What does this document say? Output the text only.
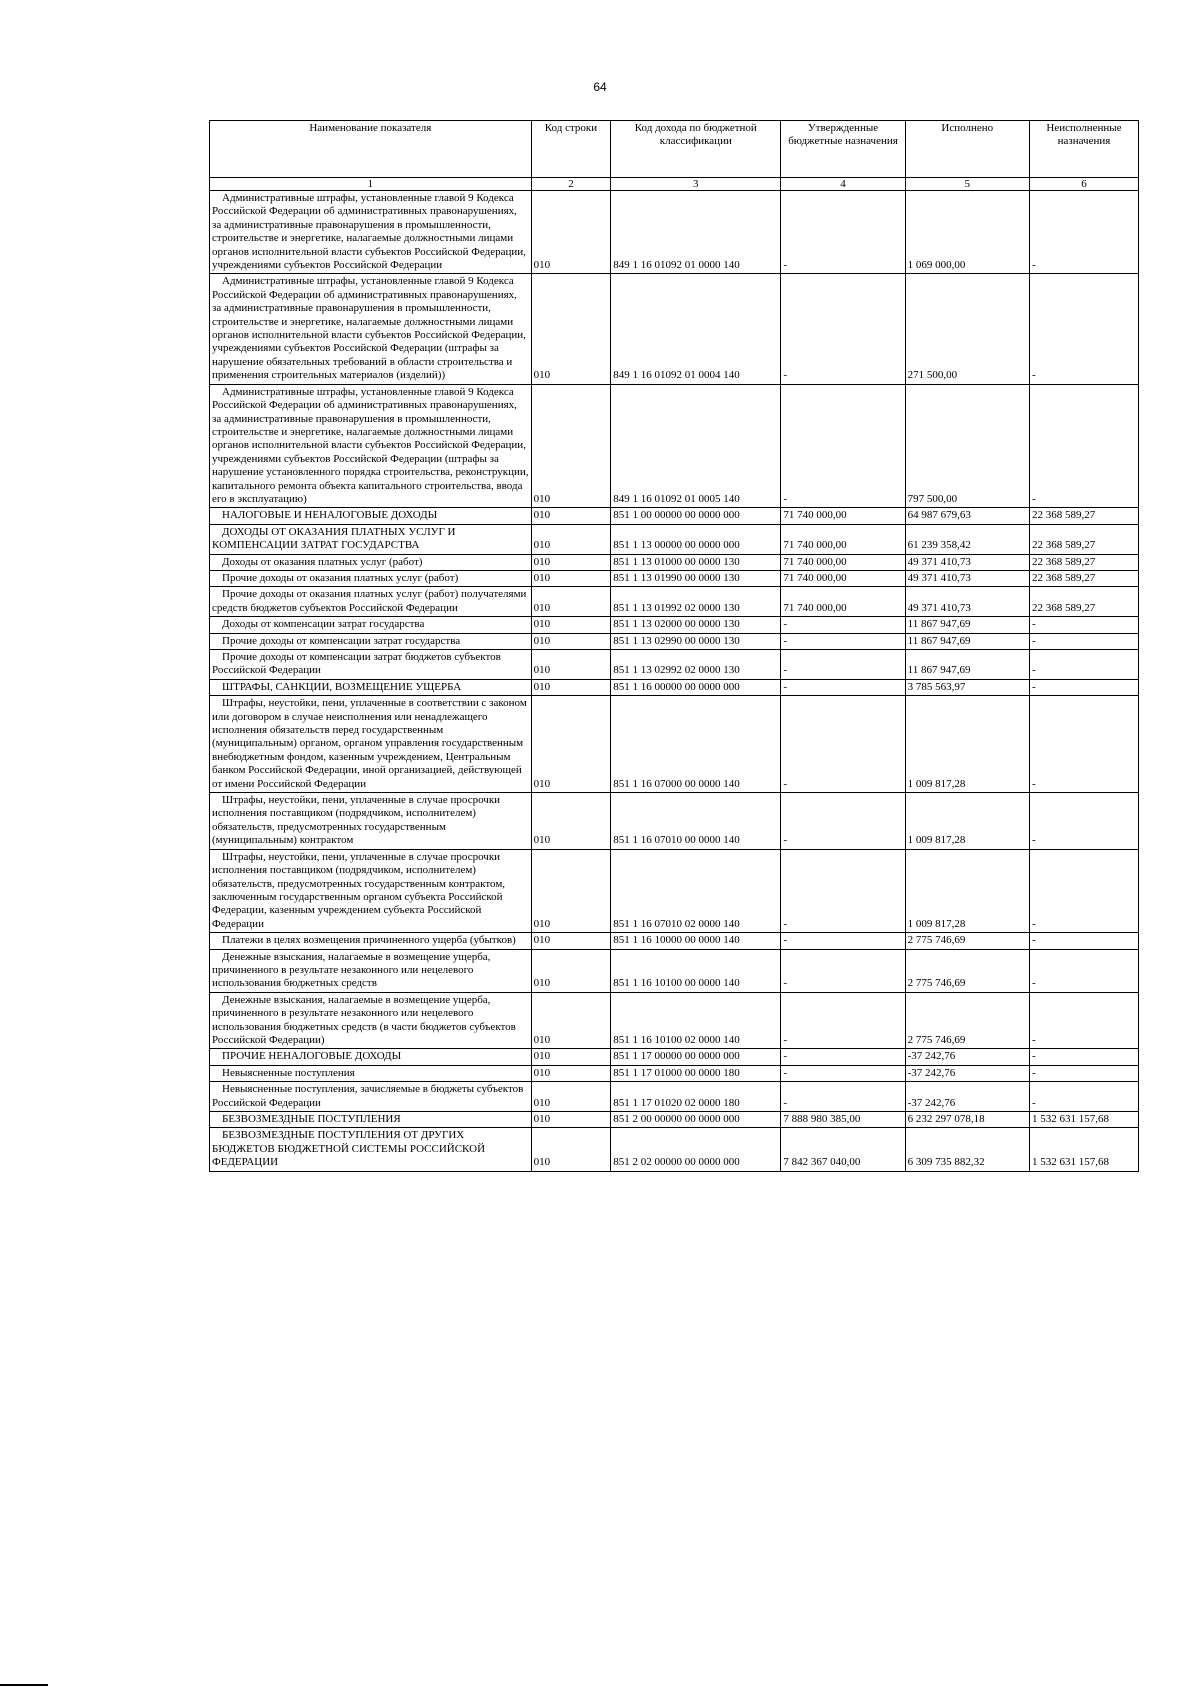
64
Наименование показателя	Код строки	Код дохода по бюджетной классификации	Утвержденные бюджетные назначения	Исполнено	Неисполненные назначения
1	2	3	4	5	6
Административные штрафы, установленные главой 9 Кодекса Российской Федерации об административных правонарушениях, за административные правонарушения в промышленности, строительстве и энергетике, налагаемые должностными лицами органов исполнительной власти субъектов Российской Федерации, учреждениями субъектов Российской Федерации	010	849 1 16 01092 01 0000 140	-	1 069 000,00	-
Административные штрафы, установленные главой 9 Кодекса Российской Федерации об административных правонарушениях, за административные правонарушения в промышленности, строительстве и энергетике, налагаемые должностными лицами органов исполнительной власти субъектов Российской Федерации, учреждениями субъектов Российской Федерации (штрафы за нарушение обязательных требований в области строительства и применения строительных материалов (изделий))	010	849 1 16 01092 01 0004 140	-	271 500,00	-
Административные штрафы, установленные главой 9 Кодекса Российской Федерации об административных правонарушениях, за административные правонарушения в промышленности, строительстве и энергетике, налагаемые должностными лицами органов исполнительной власти субъектов Российской Федерации, учреждениями субъектов Российской Федерации (штрафы за нарушение установленного порядка строительства, реконструкции, капитального ремонта объекта капитального строительства, ввода его в эксплуатацию)	010	849 1 16 01092 01 0005 140	-	797 500,00	-
НАЛОГОВЫЕ И НЕНАЛОГОВЫЕ ДОХОДЫ	010	851 1 00 00000 00 0000 000	71 740 000,00	64 987 679,63	22 368 589,27
ДОХОДЫ ОТ ОКАЗАНИЯ ПЛАТНЫХ УСЛУГ И КОМПЕНСАЦИИ ЗАТРАТ ГОСУДАРСТВА	010	851 1 13 00000 00 0000 000	71 740 000,00	61 239 358,42	22 368 589,27
Доходы от оказания платных услуг (работ)	010	851 1 13 01000 00 0000 130	71 740 000,00	49 371 410,73	22 368 589,27
Прочие доходы от оказания платных услуг (работ)	010	851 1 13 01990 00 0000 130	71 740 000,00	49 371 410,73	22 368 589,27
Прочие доходы от оказания платных услуг (работ) получателями средств бюджетов субъектов Российской Федерации	010	851 1 13 01992 02 0000 130	71 740 000,00	49 371 410,73	22 368 589,27
Доходы от компенсации затрат государства	010	851 1 13 02000 00 0000 130	-	11 867 947,69	-
Прочие доходы от компенсации затрат государства	010	851 1 13 02990 00 0000 130	-	11 867 947,69	-
Прочие доходы от компенсации затрат бюджетов субъектов Российской Федерации	010	851 1 13 02992 02 0000 130	-	11 867 947,69	-
ШТРАФЫ, САНКЦИИ, ВОЗМЕЩЕНИЕ УЩЕРБА	010	851 1 16 00000 00 0000 000	-	3 785 563,97	-
Штрафы, неустойки, пени, уплаченные в соответствии с законом или договором в случае неисполнения или ненадлежащего исполнения обязательств перед государственным (муниципальным) органом, органом управления государственным внебюджетным фондом, казенным учреждением, Центральным банком Российской Федерации, иной организацией, действующей от имени Российской Федерации	010	851 1 16 07000 00 0000 140	-	1 009 817,28	-
Штрафы, неустойки, пени, уплаченные в случае просрочки исполнения поставщиком (подрядчиком, исполнителем) обязательств, предусмотренных государственным (муниципальным) контрактом	010	851 1 16 07010 00 0000 140	-	1 009 817,28	-
Штрафы, неустойки, пени, уплаченные в случае просрочки исполнения поставщиком (подрядчиком, исполнителем) обязательств, предусмотренных государственным контрактом, заключенным государственным органом субъекта Российской Федерации, казенным учреждением субъекта Российской Федерации	010	851 1 16 07010 02 0000 140	-	1 009 817,28	-
Платежи в целях возмещения причиненного ущерба (убытков)	010	851 1 16 10000 00 0000 140	-	2 775 746,69	-
Денежные взыскания, налагаемые в возмещение ущерба, причиненного в результате незаконного или нецелевого использования бюджетных средств	010	851 1 16 10100 00 0000 140	-	2 775 746,69	-
Денежные взыскания, налагаемые в возмещение ущерба, причиненного в результате незаконного или нецелевого использования бюджетных средств (в части бюджетов субъектов Российской Федерации)	010	851 1 16 10100 02 0000 140	-	2 775 746,69	-
ПРОЧИЕ НЕНАЛОГОВЫЕ ДОХОДЫ	010	851 1 17 00000 00 0000 000	-	-37 242,76	-
Невыясненные поступления	010	851 1 17 01000 00 0000 180	-	-37 242,76	-
Невыясненные поступления, зачисляемые в бюджеты субъектов Российской Федерации	010	851 1 17 01020 02 0000 180	-	-37 242,76	-
БЕЗВОЗМЕЗДНЫЕ ПОСТУПЛЕНИЯ	010	851 2 00 00000 00 0000 000	7 888 980 385,00	6 232 297 078,18	1 532 631 157,68
БЕЗВОЗМЕЗДНЫЕ ПОСТУПЛЕНИЯ ОТ ДРУГИХ БЮДЖЕТОВ БЮДЖЕТНОЙ СИСТЕМЫ РОССИЙСКОЙ ФЕДЕРАЦИИ	010	851 2 02 00000 00 0000 000	7 842 367 040,00	6 309 735 882,32	1 532 631 157,68
